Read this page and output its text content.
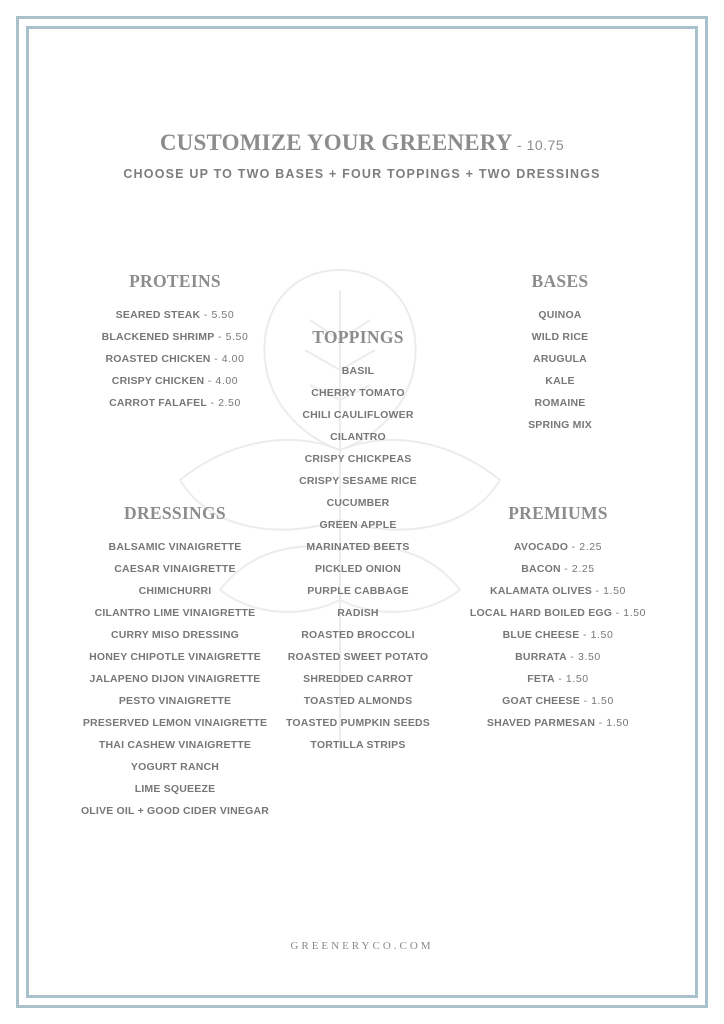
CUSTOMIZE YOUR GREENERY - 10.75
CHOOSE UP TO TWO BASES + FOUR TOPPINGS + TWO DRESSINGS
PROTEINS
SEARED STEAK - 5.50
BLACKENED SHRIMP - 5.50
ROASTED CHICKEN - 4.00
CRISPY CHICKEN - 4.00
CARROT FALAFEL - 2.50
TOPPINGS
BASIL
CHERRY TOMATO
CHILI CAULIFLOWER
CILANTRO
CRISPY CHICKPEAS
CRISPY SESAME RICE
CUCUMBER
GREEN APPLE
MARINATED BEETS
PICKLED ONION
PURPLE CABBAGE
RADISH
ROASTED BROCCOLI
ROASTED SWEET POTATO
SHREDDED CARROT
TOASTED ALMONDS
TOASTED PUMPKIN SEEDS
TORTILLA STRIPS
BASES
QUINOA
WILD RICE
ARUGULA
KALE
ROMAINE
SPRING MIX
DRESSINGS
BALSAMIC VINAIGRETTE
CAESAR VINAIGRETTE
CHIMICHURRI
CILANTRO LIME VINAIGRETTE
CURRY MISO DRESSING
HONEY CHIPOTLE VINAIGRETTE
JALAPENO DIJON VINAIGRETTE
PESTO VINAIGRETTE
PRESERVED LEMON VINAIGRETTE
THAI CASHEW VINAIGRETTE
YOGURT RANCH
LIME SQUEEZE
OLIVE OIL + GOOD CIDER VINEGAR
PREMIUMS
AVOCADO - 2.25
BACON - 2.25
KALAMATA OLIVES - 1.50
LOCAL HARD BOILED EGG - 1.50
BLUE CHEESE - 1.50
BURRATA - 3.50
FETA - 1.50
GOAT CHEESE - 1.50
SHAVED PARMESAN - 1.50
GREENERYCO.COM
